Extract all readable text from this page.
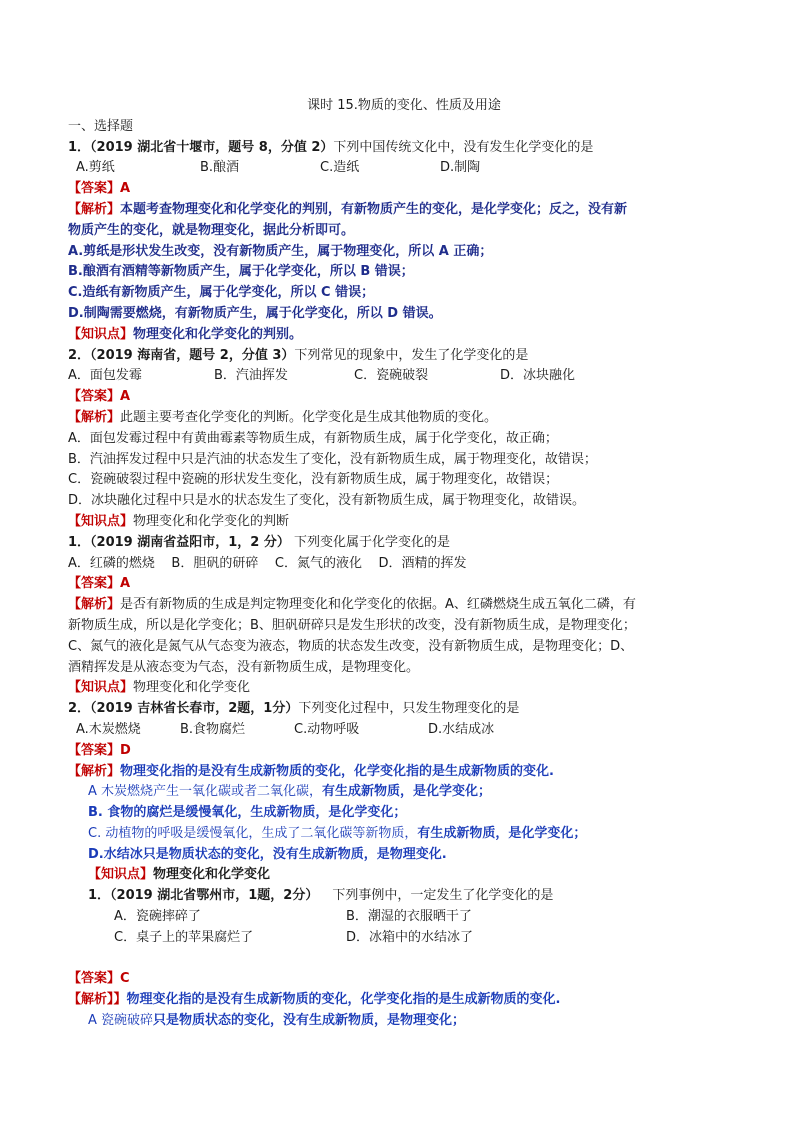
课时 15.物质的变化、性质及用途
一、选择题
1．（2019 湖北省十堰市，题号 8，分值 2）下列中国传统文化中，没有发生化学变化的是
A.剪纸	B.酿酒	C.造纸	D.制陶
【答案】A
【解析】本题考查物理变化和化学变化的判别，有新物质产生的变化，是化学变化；反之，没有新
物质产生的变化，就是物理变化，据此分析即可。
A.剪纸是形状发生改变，没有新物质产生，属于物理变化，所以 A 正确；
B.酿酒有酒精等新物质产生，属于化学变化，所以 B 错误；
C.造纸有新物质产生，属于化学变化，所以 C 错误；
D.制陶需要燃烧，有新物质产生，属于化学变化，所以 D 错误。
【知识点】物理变化和化学变化的判别。
2．（2019 海南省，题号 2，分值 3）下列常见的现象中，发生了化学变化的是
A．面包发霉	B．汽油挥发	C．瓷碗破裂	D．冰块融化
【答案】A
【解析】此题主要考查化学变化的判断。化学变化是生成其他物质的变化。
A．面包发霉过程中有黄曲霉素等物质生成，有新物质生成，属于化学变化，故正确；
B．汽油挥发过程中只是汽油的状态发生了变化，没有新物质生成，属于物理变化，故错误；
C．瓷碗破裂过程中瓷碗的形状发生变化，没有新物质生成，属于物理变化，故错误；
D．冰块融化过程中只是水的状态发生了变化，没有新物质生成，属于物理变化，故错误。
【知识点】物理变化和化学变化的判断
1．（2019 湖南省益阳市，1，2 分） 下列变化属于化学变化的是
A．红磷的燃烧    B．胆矾的研碎    C．氮气的液化    D．酒精的挥发
【答案】A
【解析】是否有新物质的生成是判定物理变化和化学变化的依据。A、红磷燃烧生成五氧化二磷，有
新物质生成，所以是化学变化；B、胆矾研碎只是发生形状的改变，没有新物质生成，是物理变化；
C、氮气的液化是氮气从气态变为液态，物质的状态发生改变，没有新物质生成，是物理变化；D、
酒精挥发是从液态变为气态，没有新物质生成，是物理变化。
【知识点】物理变化和化学变化
2．（2019 吉林省长春市，2题，1分）下列变化过程中，只发生物理变化的是
A.木炭燃烧	B.食物腐烂	C.动物呼吸	D.水结成冰
【答案】D
【解析】物理变化指的是没有生成新物质的变化，化学变化指的是生成新物质的变化.
A 木炭燃烧产生一氧化碳或者二氧化碳，有生成新物质，是化学变化；
B. 食物的腐烂是缓慢氧化，生成新物质，是化学变化；
C. 动植物的呼吸是缓慢氧化，生成了二氧化碳等新物质，有生成新物质，是化学变化；
D.水结冰只是物质状态的变化，没有生成新物质，是物理变化.
【知识点】物理变化和化学变化
1．（2019 湖北省鄂州市，1题，2分） 下列事例中，一定发生了化学变化的是
A．瓷碗摔碎了	B．潮湿的衣服晒干了
C．桌子上的苹果腐烂了	D．冰箱中的水结冰了
【答案】C
【解析】】物理变化指的是没有生成新物质的变化，化学变化指的是生成新物质的变化.
A 瓷碗破碎只是物质状态的变化，没有生成新物质，是物理变化；
